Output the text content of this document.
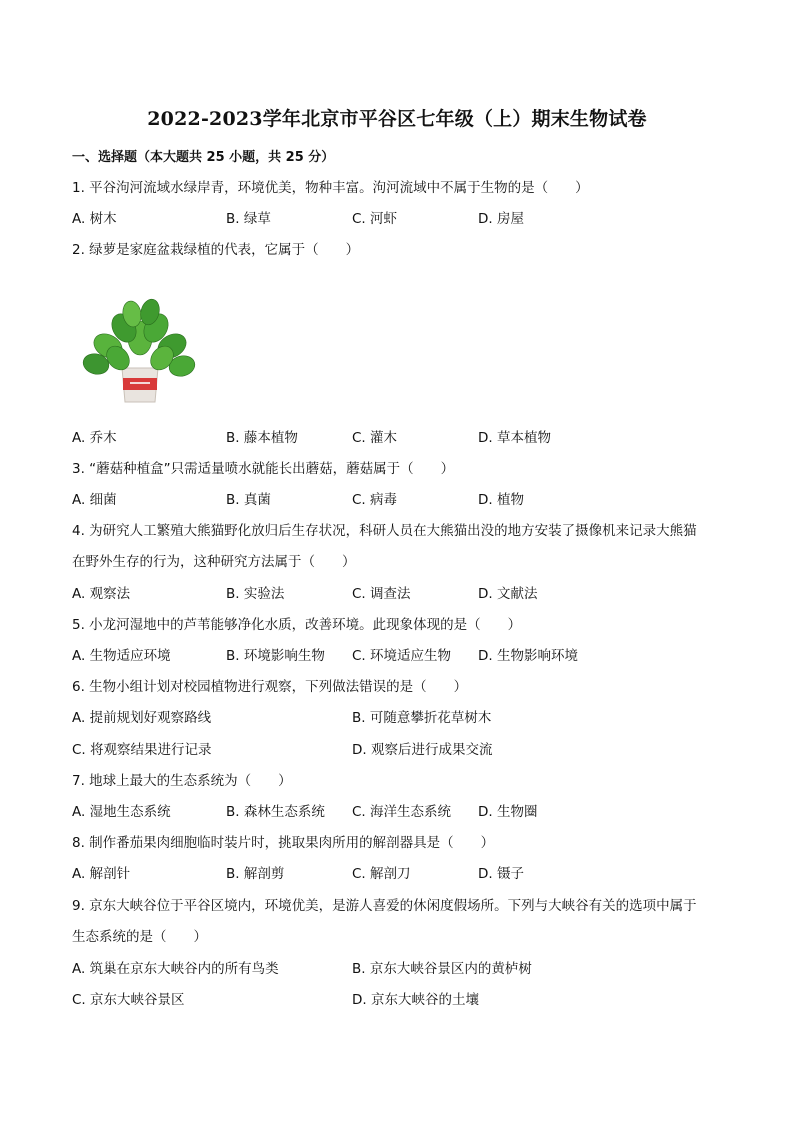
2022-2023学年北京市平谷区七年级（上）期末生物试卷
一、选择题（本大题共 25 小题，共 25 分）
1. 平谷泃河流域水绿岸青，环境优美，物种丰富。泃河流域中不属于生物的是（　　）
A. 树木	B. 绿草	C. 河虾	D. 房屋
2. 绿萝是家庭盆栽绿植的代表，它属于（　　）
A. 乔木	B. 藤本植物	C. 灌木	D. 草本植物
3. “蘑菇种植盒”只需适量喷水就能长出蘑菇，蘑菇属于（　　）
A. 细菌	B. 真菌	C. 病毒	D. 植物
4. 为研究人工繁殖大熊猫野化放归后生存状况，科研人员在大熊猫出没的地方安装了摄像机来记录大熊猫
在野外生存的行为，这种研究方法属于（　　）
A. 观察法	B. 实验法	C. 调查法	D. 文献法
5. 小龙河湿地中的芦苇能够净化水质，改善环境。此现象体现的是（　　）
A. 生物适应环境	B. 环境影响生物 C. 环境适应生物 D. 生物影响环境
6. 生物小组计划对校园植物进行观察，下列做法错误的是（　　）
A. 提前规划好观察路线	B. 可随意攀折花草树木
C. 将观察结果进行记录	D. 观察后进行成果交流
7. 地球上最大的生态系统为（　　）
A. 湿地生态系统	B. 森林生态系统 C. 海洋生态系统 D. 生物圈
8. 制作番茄果肉细胞临时装片时，挑取果肉所用的解剖器具是（　　）
A. 解剖针	B. 解剖剪	C. 解剖刀	D. 镊子
9. 京东大峡谷位于平谷区境内，环境优美，是游人喜爱的休闲度假场所。下列与大峡谷有关的选项中属于
生态系统的是（　　）
A. 筑巢在京东大峡谷内的所有鸟类	B. 京东大峡谷景区内的黄栌树
C. 京东大峡谷景区	D. 京东大峡谷的土壤
